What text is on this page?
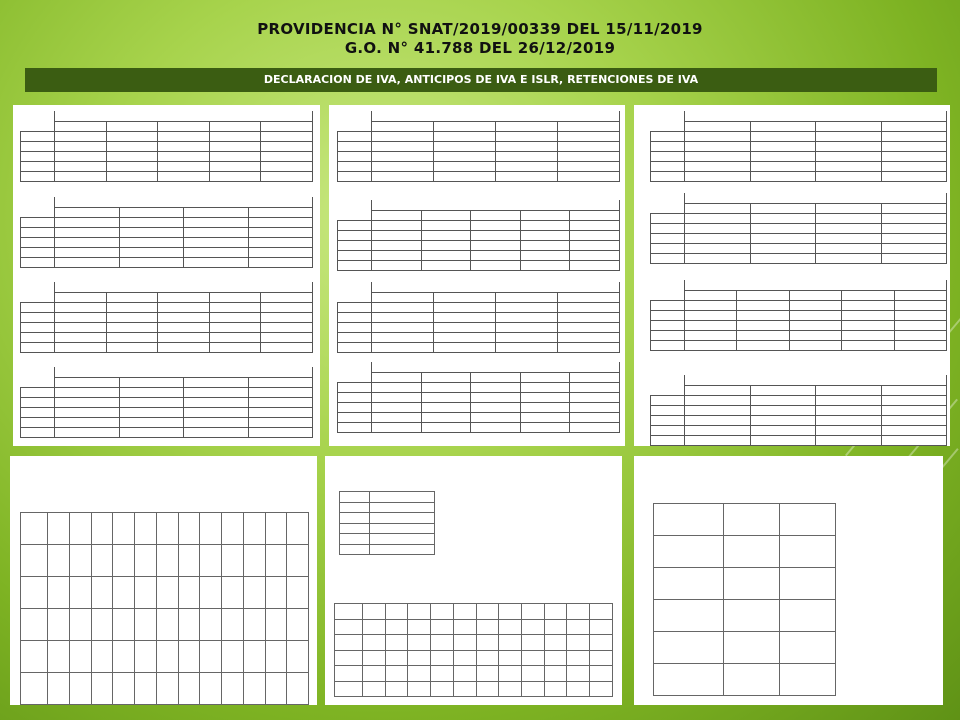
PROVIDENCIA N° SNAT/2019/00339 DEL 15/11/2019
G.O. N° 41.788 DEL 26/12/2019
DECLARACION DE IVA, ANTICIPOS DE IVA E ISLR, RETENCIONES DE IVA
